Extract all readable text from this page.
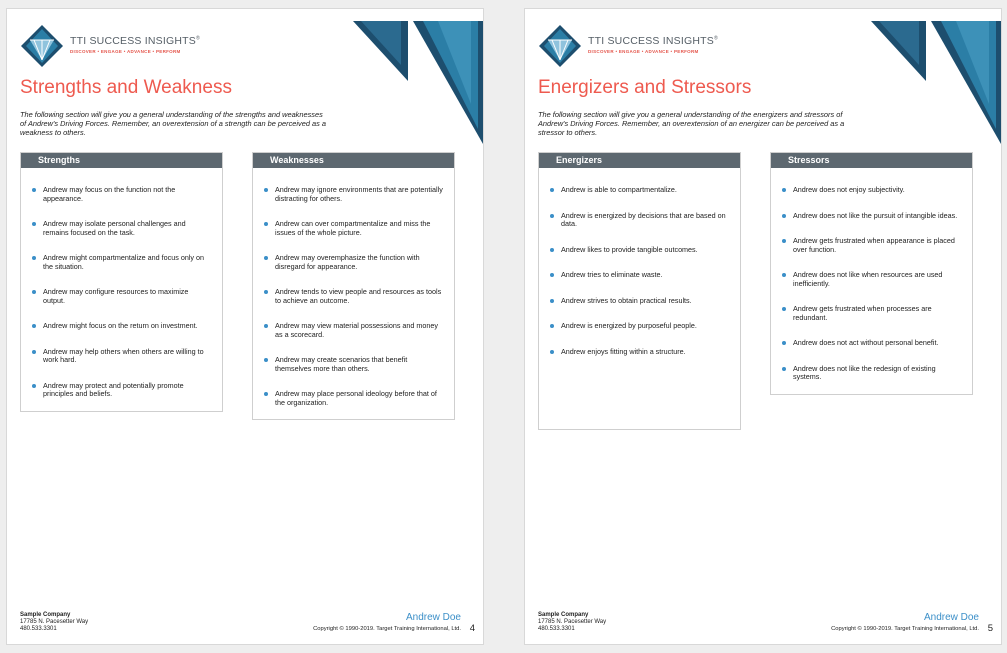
TTI SUCCESS INSIGHTS®
DISCOVER • ENGAGE • ADVANCE • PERFORM
Strengths and Weakness

The following section will give you a general understanding of the strengths and weaknesses of Andrew's Driving Forces. Remember, an overextension of a strength can be perceived as a weakness to others.

Strengths
Andrew may focus on the function not the appearance.
Andrew may isolate personal challenges and remains focused on the task.
Andrew might compartmentalize and focus only on the situation.
Andrew may configure resources to maximize output.
Andrew might focus on the return on investment.
Andrew may help others when others are willing to work hard.
Andrew may protect and potentially promote principles and beliefs.
Weaknesses
Andrew may ignore environments that are potentially distracting for others.
Andrew can over compartmentalize and miss the issues of the whole picture.
Andrew may overemphasize the function with disregard for appearance.
Andrew tends to view people and resources as tools to achieve an outcome.
Andrew may view material possessions and money as a scorecard.
Andrew may create scenarios that benefit themselves more than others.
Andrew may place personal ideology before that of the organization.
Sample Company
17785 N. Pacesetter Way
480.533.3301
Andrew Doe
Copyright © 1990-2019. Target Training International, Ltd. 4
TTI SUCCESS INSIGHTS®
DISCOVER • ENGAGE • ADVANCE • PERFORM
Energizers and Stressors

The following section will give you a general understanding of the energizers and stressors of Andrew's Driving Forces. Remember, an overextension of an energizer can be perceived as a stressor to others.

Energizers
Andrew is able to compartmentalize.
Andrew is energized by decisions that are based on data.
Andrew likes to provide tangible outcomes.
Andrew tries to eliminate waste.
Andrew strives to obtain practical results.
Andrew is energized by purposeful people.
Andrew enjoys fitting within a structure.
Stressors
Andrew does not enjoy subjectivity.
Andrew does not like the pursuit of intangible ideas.
Andrew gets frustrated when appearance is placed over function.
Andrew does not like when resources are used inefficiently.
Andrew gets frustrated when processes are redundant.
Andrew does not act without personal benefit.
Andrew does not like the redesign of existing systems.
Sample Company
17785 N. Pacesetter Way
480.533.3301
Andrew Doe
Copyright © 1990-2019. Target Training International, Ltd. 5
